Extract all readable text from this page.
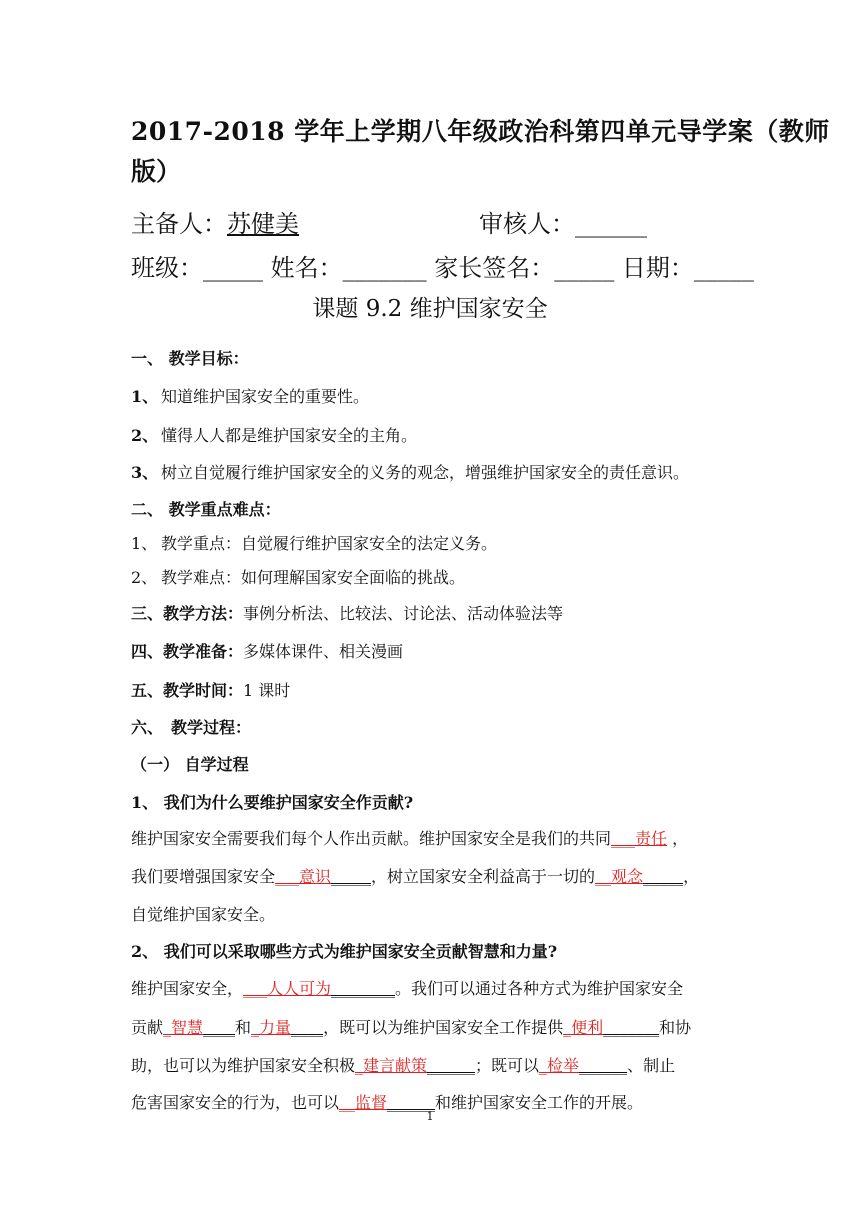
2017-2018 学年上学期八年级政治科第四单元导学案（教师
版）
主备人：苏健美	审核人：______
班级：_____ 姓名：_______ 家长签名：_____ 日期：_____
课题 9.2 维护国家安全
一、 教学目标：
1、 知道维护国家安全的重要性。
2、 懂得人人都是维护国家安全的主角。
3、 树立自觉履行维护国家安全的义务的观念，增强维护国家安全的责任意识。
二、 教学重点难点：
1、 教学重点：自觉履行维护国家安全的法定义务。
2、 教学难点：如何理解国家安全面临的挑战。
三、教学方法：事例分析法、比较法、讨论法、活动体验法等
四、教学准备：多媒体课件、相关漫画
五、教学时间：1 课时
六、　教学过程：
（一） 自学过程
1、 我们为什么要维护国家安全作贡献?
维护国家安全需要我们每个人作出贡献。维护国家安全是我们的共同___责任 ，
我们要增强国家安全___意识_____，树立国家安全利益高于一切的__观念_____，
自觉维护国家安全。
2、 我们可以采取哪些方式为维护国家安全贡献智慧和力量?
维护国家安全，___人人可为________。我们可以通过各种方式为维护国家安全
贡献_智慧____和_力量____，既可以为维护国家安全工作提供_便利_______和协
助，也可以为维护国家安全积极_建言献策______；既可以_检举______、制止
危害国家安全的行为，也可以__监督______和维护国家安全工作的开展。
1
